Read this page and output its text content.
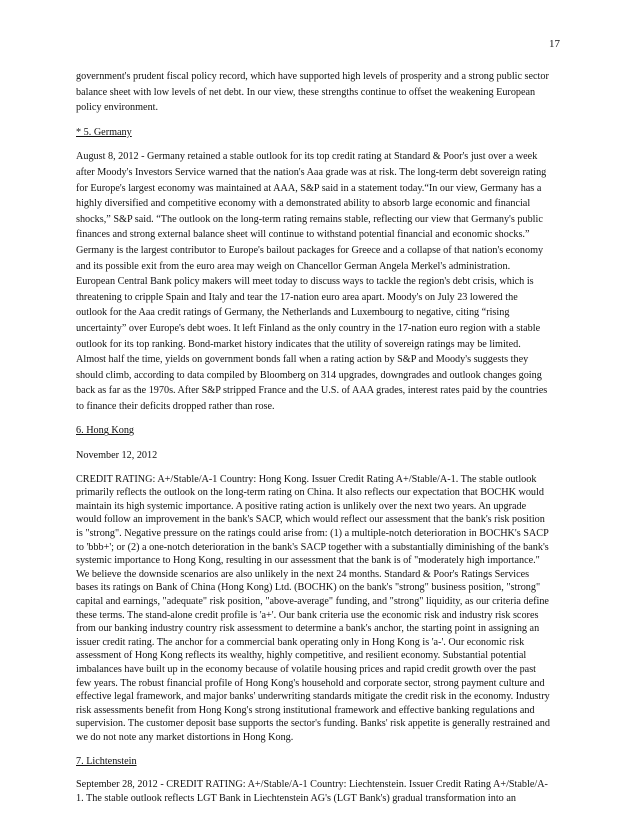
17
government's prudent fiscal policy record, which have supported high levels of prosperity and a strong public sector
balance sheet with low levels of net debt. In our view, these strengths continue to offset the weakening European
policy environment.
* 5. Germany
August 8, 2012 - Germany retained a stable outlook for its top credit rating at Standard & Poor's just over a week
after Moody's Investors Service warned that the nation's Aaa grade was at risk. The long-term debt sovereign rating
for Europe's largest economy was maintained at AAA, S&P said in a statement today.“In our view, Germany has a
highly diversified and competitive economy with a demonstrated ability to absorb large economic and financial
shocks,” S&P said. “The outlook on the long-term rating remains stable, reflecting our view that Germany's public
finances and strong external balance sheet will continue to withstand potential financial and economic shocks.”
Germany is the largest contributor to Europe's bailout packages for Greece and a collapse of that nation's economy
and its possible exit from the euro area may weigh on Chancellor German Angela Merkel's administration.
European Central Bank policy makers will meet today to discuss ways to tackle the region's debt crisis, which is
threatening to cripple Spain and Italy and tear the 17-nation euro area apart. Moody's on July 23 lowered the
outlook for the Aaa credit ratings of Germany, the Netherlands and Luxembourg to negative, citing “rising
uncertainty” over Europe's debt woes. It left Finland as the only country in the 17-nation euro region with a stable
outlook for its top ranking. Bond-market history indicates that the utility of sovereign ratings may be limited.
Almost half the time, yields on government bonds fall when a rating action by S&P and Moody's suggests they
should climb, according to data compiled by Bloomberg on 314 upgrades, downgrades and outlook changes going
back as far as the 1970s. After S&P stripped France and the U.S. of AAA grades, interest rates paid by the countries
to finance their deficits dropped rather than rose.
6. Hong Kong
November 12, 2012
CREDIT RATING: A+/Stable/A-1 Country: Hong Kong. Issuer Credit Rating A+/Stable/A-1. The stable outlook
primarily reflects the outlook on the long-term rating on China. It also reflects our expectation that BOCHK would
maintain its high systemic importance. A positive rating action is unlikely over the next two years. An upgrade
would follow an improvement in the bank's SACP, which would reflect our assessment that the bank's risk position
is "strong". Negative pressure on the ratings could arise from: (1) a multiple-notch deterioration in BOCHK's SACP
to 'bbb+'; or (2) a one-notch deterioration in the bank's SACP together with a substantially diminishing of the bank's
systemic importance to Hong Kong, resulting in our assessment that the bank is of "moderately high importance."
We believe the downside scenarios are also unlikely in the next 24 months. Standard & Poor's Ratings Services
bases its ratings on Bank of China (Hong Kong) Ltd. (BOCHK) on the bank's "strong" business position, "strong"
capital and earnings, "adequate" risk position, "above-average" funding, and "strong" liquidity, as our criteria define
these terms. The stand-alone credit profile is 'a+'. Our bank criteria use the economic risk and industry risk scores
from our banking industry country risk assessment to determine a bank's anchor, the starting point in assigning an
issuer credit rating. The anchor for a commercial bank operating only in Hong Kong is 'a-'. Our economic risk
assessment of Hong Kong reflects its wealthy, highly competitive, and resilient economy. Substantial potential
imbalances have built up in the economy because of volatile housing prices and rapid credit growth over the past
few years. The robust financial profile of Hong Kong's household and corporate sector, strong payment culture and
effective legal framework, and major banks' underwriting standards mitigate the credit risk in the economy. Industry
risk assessments benefit from Hong Kong's strong institutional framework and effective banking regulations and
supervision. The customer deposit base supports the sector's funding. Banks' risk appetite is generally restrained and
we do not note any market distortions in Hong Kong.
7. Lichtenstein
September 28, 2012 - CREDIT RATING: A+/Stable/A-1 Country: Liechtenstein. Issuer Credit Rating A+/Stable/A-
1. The stable outlook reflects LGT Bank in Liechtenstein AG's (LGT Bank's) gradual transformation into an
